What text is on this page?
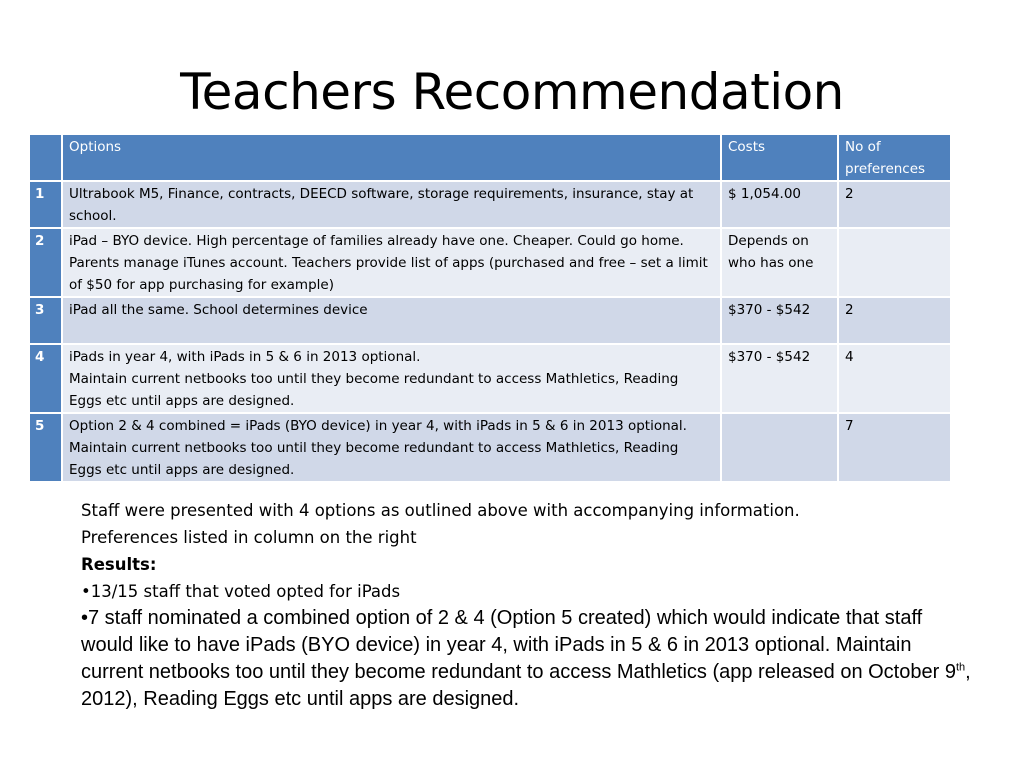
Teachers Recommendation
	Options	Costs	No of preferences
1	Ultrabook M5, Finance, contracts, DEECD software, storage requirements, insurance, stay at school.	$ 1,054.00	2
2	iPad – BYO device. High percentage of families already have one. Cheaper. Could go home. Parents manage iTunes account. Teachers provide list of apps (purchased and free – set a limit of $50 for app purchasing for example)	Depends on who has one	
3	iPad all the same. School determines device	$370 - $542	2
4	iPads in year 4, with iPads in 5 & 6 in 2013 optional.
Maintain current netbooks too until they become redundant to access Mathletics, Reading Eggs etc until apps are designed.	$370 - $542	4
5	Option 2 & 4 combined = iPads (BYO device) in year 4, with iPads in 5 & 6 in 2013 optional. Maintain current netbooks too until they become redundant to access Mathletics, Reading Eggs etc until apps are designed.		7
Staff were presented with 4 options as outlined above with accompanying information.
Preferences listed in column on the right
Results:
•13/15 staff that voted opted for iPads
•7 staff nominated a combined option of 2 & 4 (Option 5 created) which would indicate that staff would like to have iPads (BYO device) in year 4, with iPads in 5 & 6 in 2013 optional. Maintain current netbooks too until they become redundant to access Mathletics (app released on October 9th, 2012), Reading Eggs etc until apps are designed.
